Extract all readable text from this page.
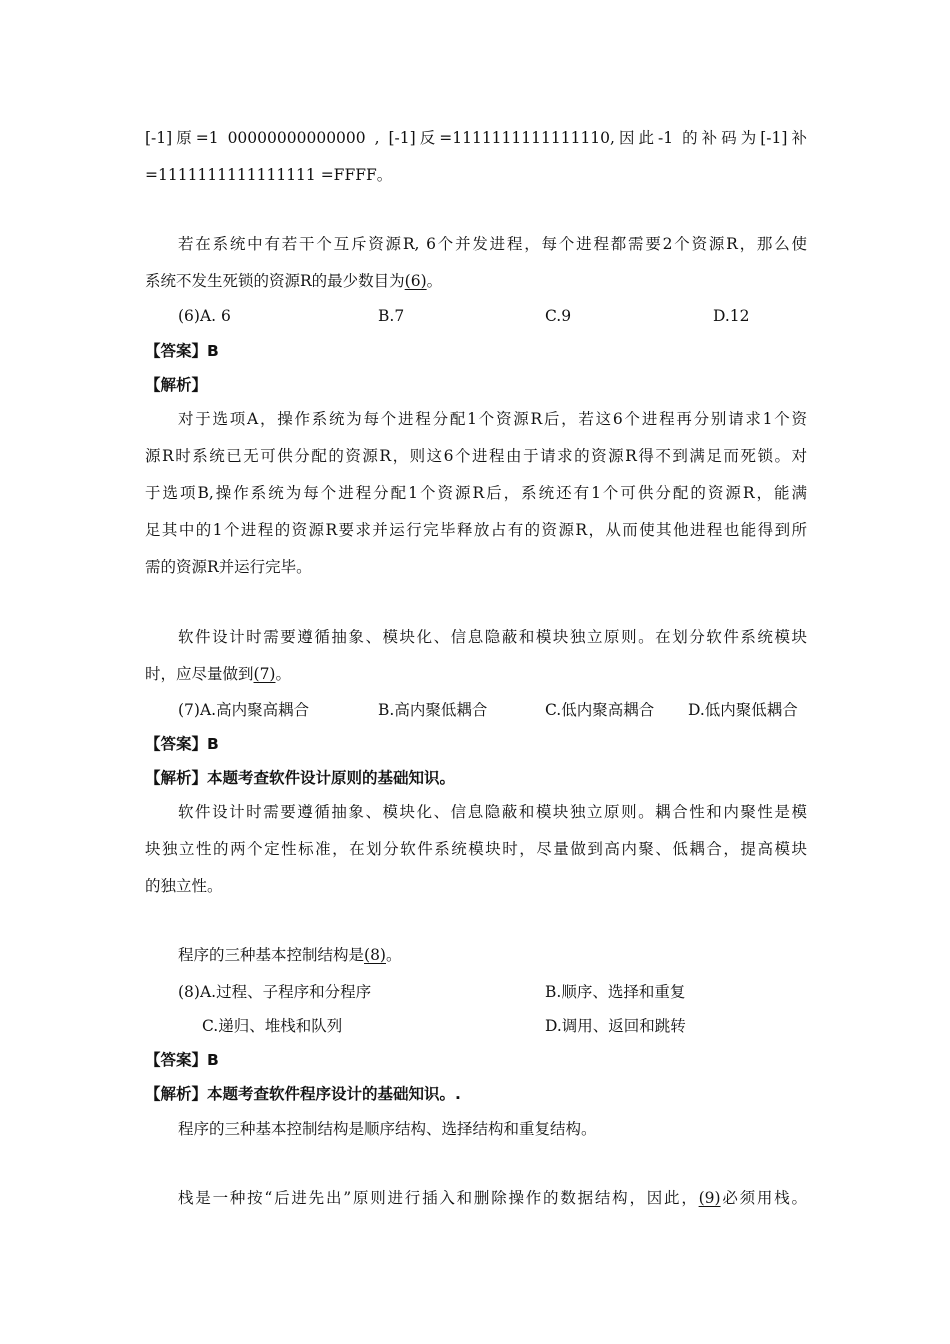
[-1]原=1 00000000000000 , [-1]反=1111111111111110,因此-1 的补码为[-1]补
=1111111111111111 =FFFF。
若在系统中有若干个互斥资源R, 6个并发进程，每个进程都需要2个资源R，那么使
系统不发生死锁的资源R的最少数目为(6)。
(6)A. 6	B.7	C.9	D.12
【答案】B
【解析】
对于选项A，操作系统为每个进程分配1个资源R后，若这6个进程再分别请求1个资
源R时系统已无可供分配的资源R，则这6个进程由于请求的资源R得不到满足而死锁。对
于选项B,操作系统为每个进程分配1个资源R后，系统还有1个可供分配的资源R，能满
足其中的1个进程的资源R要求并运行完毕释放占有的资源R，从而使其他进程也能得到所
需的资源R并运行完毕。
软件设计时需要遵循抽象、模块化、信息隐蔽和模块独立原则。在划分软件系统模块
时，应尽量做到(7)。
(7)A.高内聚高耦合	B.高内聚低耦合	C.低内聚高耦合 D.低内聚低耦合
【答案】B
【解析】本题考查软件设计原则的基础知识。
软件设计时需要遵循抽象、模块化、信息隐蔽和模块独立原则。耦合性和内聚性是模
块独立性的两个定性标准，在划分软件系统模块时，尽量做到高内聚、低耦合，提高模块
的独立性。
程序的三种基本控制结构是(8)。
(8)A.过程、子程序和分程序	B.顺序、选择和重复
C.递归、堆栈和队列	D.调用、返回和跳转
【答案】B
【解析】本题考查软件程序设计的基础知识。.
程序的三种基本控制结构是顺序结构、选择结构和重复结构。
栈是一种按“后进先出”原则进行插入和删除操作的数据结构，因此，(9)必须用栈。
